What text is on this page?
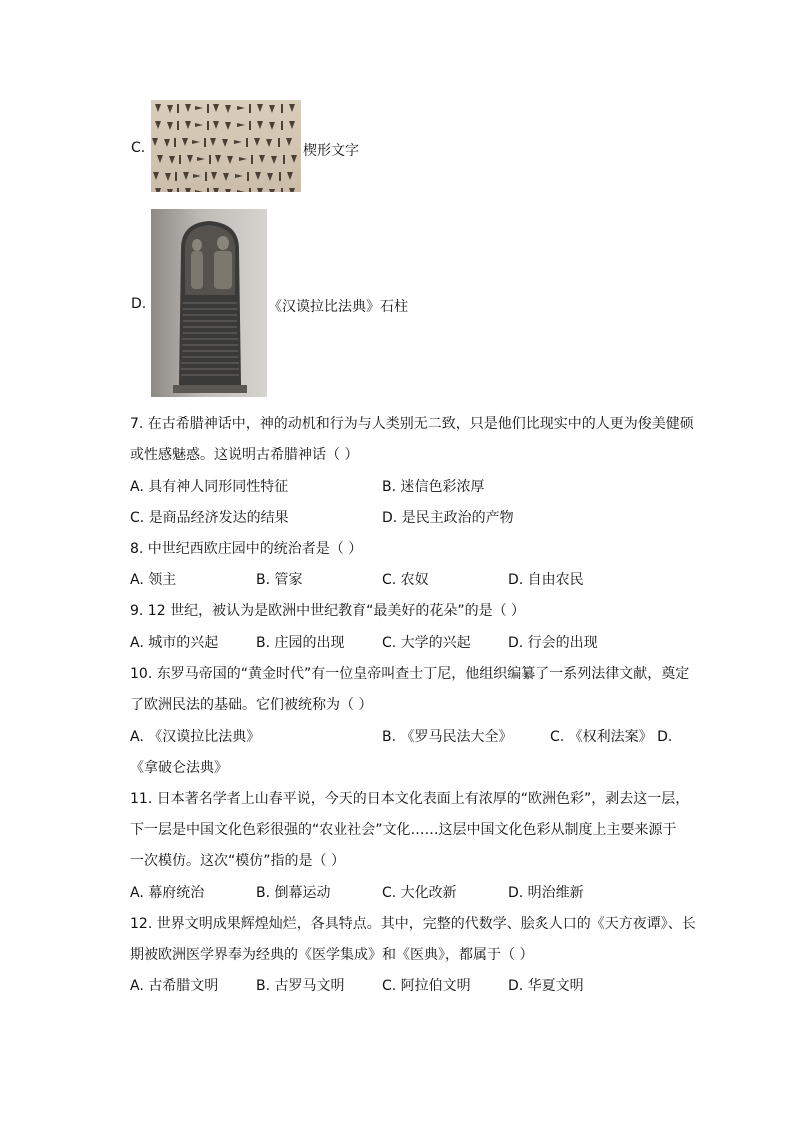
C.	楔形文字
D.	《汉谟拉比法典》石柱
7. 在古希腊神话中，神的动机和行为与人类别无二致，只是他们比现实中的人更为俊美健硕
或性感魅惑。这说明古希腊神话（ ）
A. 具有神人同形同性特征	B. 迷信色彩浓厚
C. 是商品经济发达的结果	D. 是民主政治的产物
8. 中世纪西欧庄园中的统治者是（ ）
A. 领主	B. 管家	C. 农奴	D. 自由农民
9. 12 世纪，被认为是欧洲中世纪教育“最美好的花朵”的是（ ）
A. 城市的兴起	B. 庄园的出现	C. 大学的兴起	D. 行会的出现
10. 东罗马帝国的“黄金时代”有一位皇帝叫查士丁尼，他组织编纂了一系列法律文献，奠定
了欧洲民法的基础。它们被统称为（ ）
A. 《汉谟拉比法典》	B. 《罗马民法大全》	C. 《权利法案》 D.
《拿破仑法典》
11. 日本著名学者上山春平说，今天的日本文化表面上有浓厚的“欧洲色彩”，剥去这一层，
下一层是中国文化色彩很强的“农业社会”文化……这层中国文化色彩从制度上主要来源于
一次模仿。这次“模仿”指的是（ ）
A. 幕府统治	B. 倒幕运动	C. 大化改新	D. 明治维新
12. 世界文明成果辉煌灿烂，各具特点。其中，完整的代数学、脍炙人口的《天方夜谭》、长
期被欧洲医学界奉为经典的《医学集成》和《医典》，都属于（ ）
A. 古希腊文明	B. 古罗马文明	C. 阿拉伯文明	D. 华夏文明
